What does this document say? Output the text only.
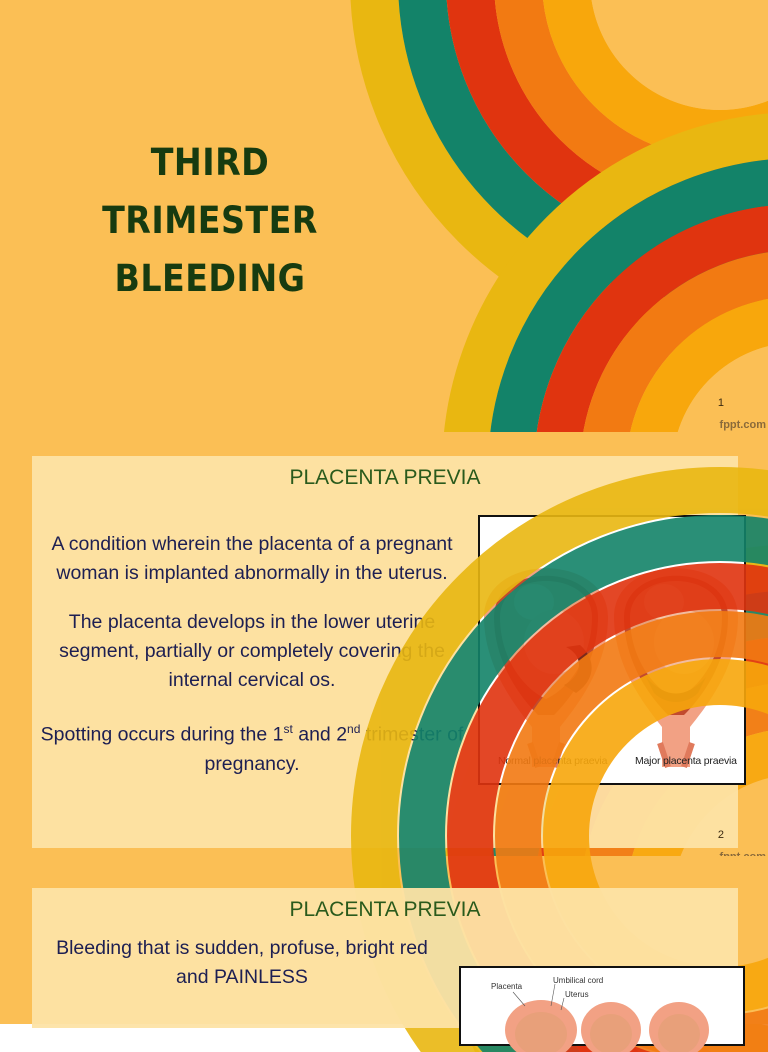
THIRD TRIMESTER
BLEEDING
1
fppt.com
PLACENTA PREVIA

A condition wherein the placenta of a pregnant woman is implanted abnormally in the uterus.

The placenta develops in the lower uterine segment, partially or completely covering the internal cervical os.

Spotting occurs during the 1st and 2nd trimester of pregnancy.	Normal placenta praevia	Major placenta praevia
2
PLACENTA PREVIA

Bleeding that is sudden, profuse, bright red and PAINLESS	Placenta
Umbilical cord
Uterus
